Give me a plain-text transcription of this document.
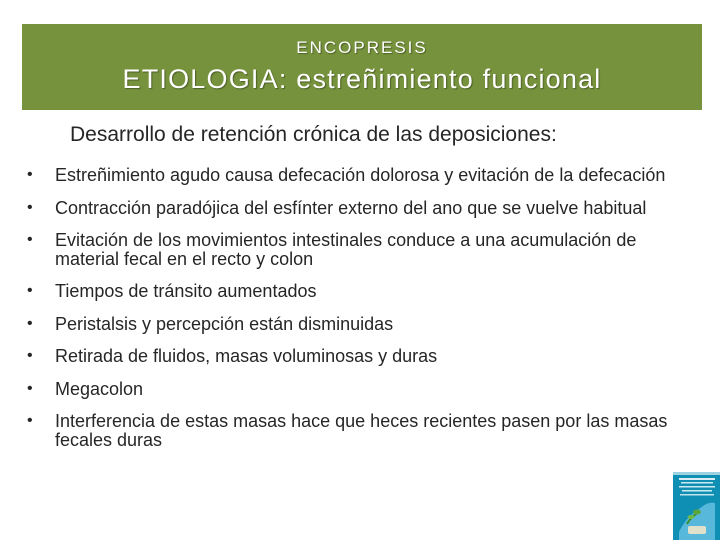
ENCOPRESIS
ETIOLOGIA: estreñimiento funcional
Desarrollo de retención crónica de las deposiciones:
• Estreñimiento agudo causa defecación dolorosa y evitación de la defecación
• Contracción paradójica del esfínter externo del ano que se vuelve habitual
• Evitación de los movimientos intestinales conduce a una acumulación de material fecal en el recto y colon
• Tiempos de tránsito aumentados
• Peristalsis y percepción están disminuidas
• Retirada de fluidos, masas voluminosas y duras
• Megacolon
• Interferencia de estas masas hace que heces recientes pasen por las masas fecales duras
